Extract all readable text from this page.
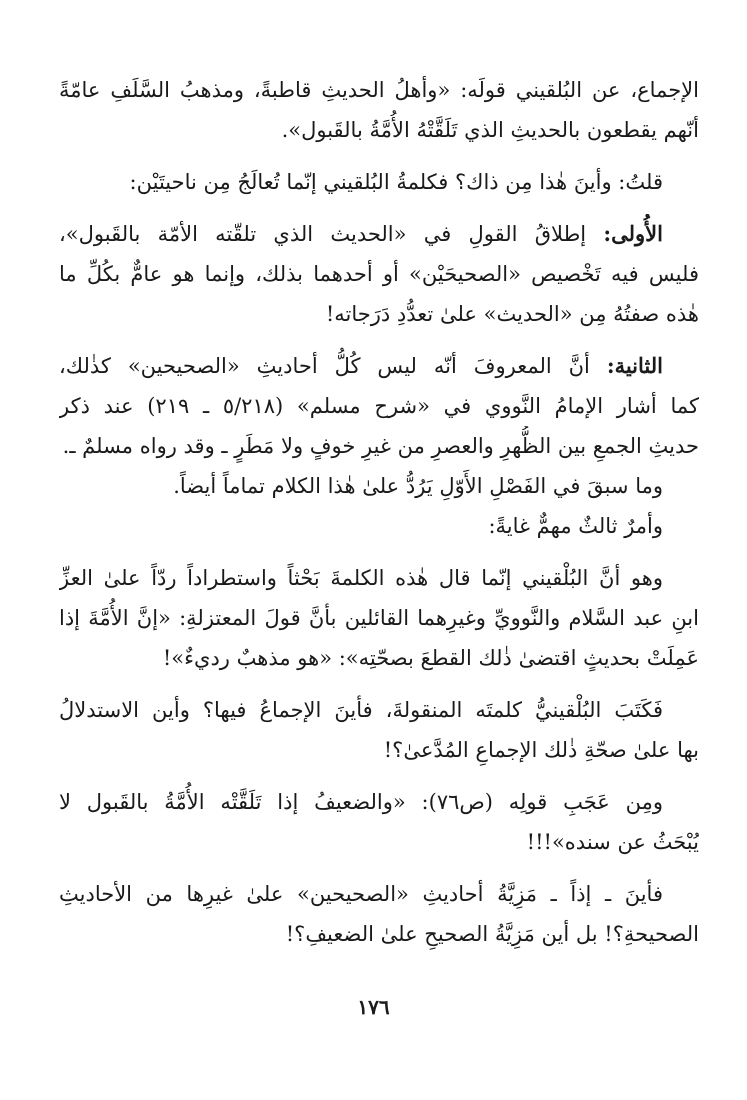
الإجماع، عن البُلقيني قولَه: «وأهلُ الحديثِ قاطبةً، ومذهبُ السَّلَفِ عامّةً
أنّهم يقطعون بالحديثِ الذي تَلَقَّتْهُ الأُمَّةُ بالقَبول».
قلتُ: وأينَ هٰذا مِن ذاك؟ فكلمةُ البُلقيني إنّما تُعالَجُ مِن ناحيتَيْن:
الأُولى: إطلاقُ القولِ في «الحديث الذي تلقّته الأمّة بالقَبول»،
فليس فيه تَخْصيص «الصحيحَيْن» أو أحدهما بذلك، وإنما هو عامٌّ بكُلِّ ما
هٰذه صفتُهُ مِن «الحديث» علىٰ تعدُّدِ دَرَجاته!
الثانية: أنَّ المعروفَ أنّه ليس كُلُّ أحاديثِ «الصحيحين» كذٰلك،
كما أشار الإمامُ النَّووي في «شرح مسلم» (٥/٢١٨ ـ ٢١٩) عند ذكر
حديثِ الجمعِ بين الظُّهرِ والعصرِ من غيرِ خوفٍ ولا مَطَرٍ ـ وقد رواه مسلمٌ ـ.
وما سبقَ في الفَصْلِ الأَوّلِ يَرُدُّ علىٰ هٰذا الكلام تماماً أيضاً.
وأمرٌ ثالثٌ مهمٌّ غايةً:
وهو أنَّ البُلْقيني إنّما قال هٰذه الكلمةَ بَحْثاً واستطراداً ردّاً علىٰ العزِّ
ابنِ عبد السَّلام والنَّوويِّ وغيرِهما القائلين بأنَّ قولَ المعتزلةِ: «إنَّ الأُمَّةَ إذا
عَمِلَتْ بحديثٍ اقتضىٰ ذٰلك القطعَ بصحّتِه»: «هو مذهبٌ رديءٌ»!
فَكَتَبَ البُلْقينيُّ كلمتَه المنقولةَ، فأينَ الإجماعُ فيها؟ وأين الاستدلالُ
بها علىٰ صحّةِ ذٰلك الإجماعِ المُدَّعىٰ؟!
ومِن عَجَبِ قولِه (ص٧٦): «والضعيفُ إذا تَلَقَّتْه الأُمَّةُ بالقَبول لا
يُبْحَثُ عن سنده»!!!
فأينَ ـ إذاً ـ مَزِيَّةُ أحاديثِ «الصحيحين» علىٰ غيرِها من الأحاديثِ
الصحيحةِ؟! بل أين مَزِيَّةُ الصحيحِ علىٰ الضعيفِ؟!
١٧٦
